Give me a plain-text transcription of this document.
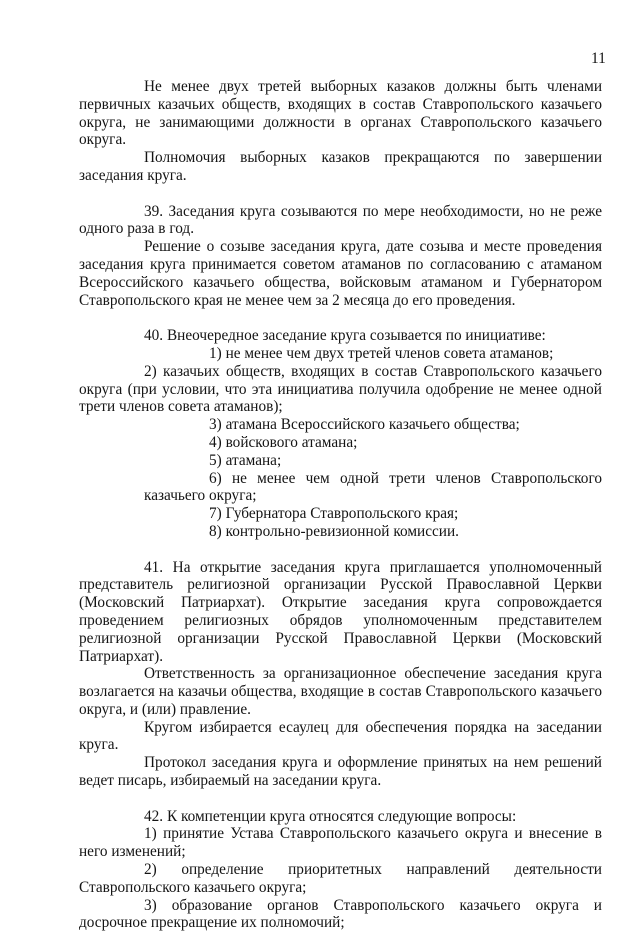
11

Не менее двух третей выборных казаков должны быть членами первичных казачьих обществ, входящих в состав Ставропольского казачьего округа, не занимающими должности в органах Ставропольского казачьего округа.

Полномочия выборных казаков прекращаются по завершении заседания круга.

39. Заседания круга созываются по мере необходимости, но не реже одного раза в год.

Решение о созыве заседания круга, дате созыва и месте проведения заседания круга принимается советом атаманов по согласованию с атаманом Всероссийского казачьего общества, войсковым атаманом и Губернатором Ставропольского края не менее чем за 2 месяца до его проведения.

40. Внеочередное заседание круга созывается по инициативе:

1) не менее чем двух третей членов совета атаманов;

2) казачьих обществ, входящих в состав Ставропольского казачьего округа (при условии, что эта инициатива получила одобрение не менее одной трети членов совета атаманов);

3) атамана Всероссийского казачьего общества;

4) войскового атамана;

5) атамана;

6) не менее чем одной трети членов Ставропольского казачьего округа;

7) Губернатора Ставропольского края;

8) контрольно-ревизионной комиссии.

41. На открытие заседания круга приглашается уполномоченный представитель религиозной организации Русской Православной Церкви (Московский Патриархат). Открытие заседания круга сопровождается проведением религиозных обрядов уполномоченным представителем религиозной организации Русской Православной Церкви (Московский Патриархат).

Ответственность за организационное обеспечение заседания круга возлагается на казачьи общества, входящие в состав Ставропольского казачьего округа, и (или) правление.

Кругом избирается есаулец для обеспечения порядка на заседании круга.

Протокол заседания круга и оформление принятых на нем решений ведет писарь, избираемый на заседании круга.

42. К компетенции круга относятся следующие вопросы:

1) принятие Устава Ставропольского казачьего округа и внесение в него изменений;

2) определение приоритетных направлений деятельности Ставропольского казачьего округа;

3) образование органов Ставропольского казачьего округа и досрочное прекращение их полномочий;
